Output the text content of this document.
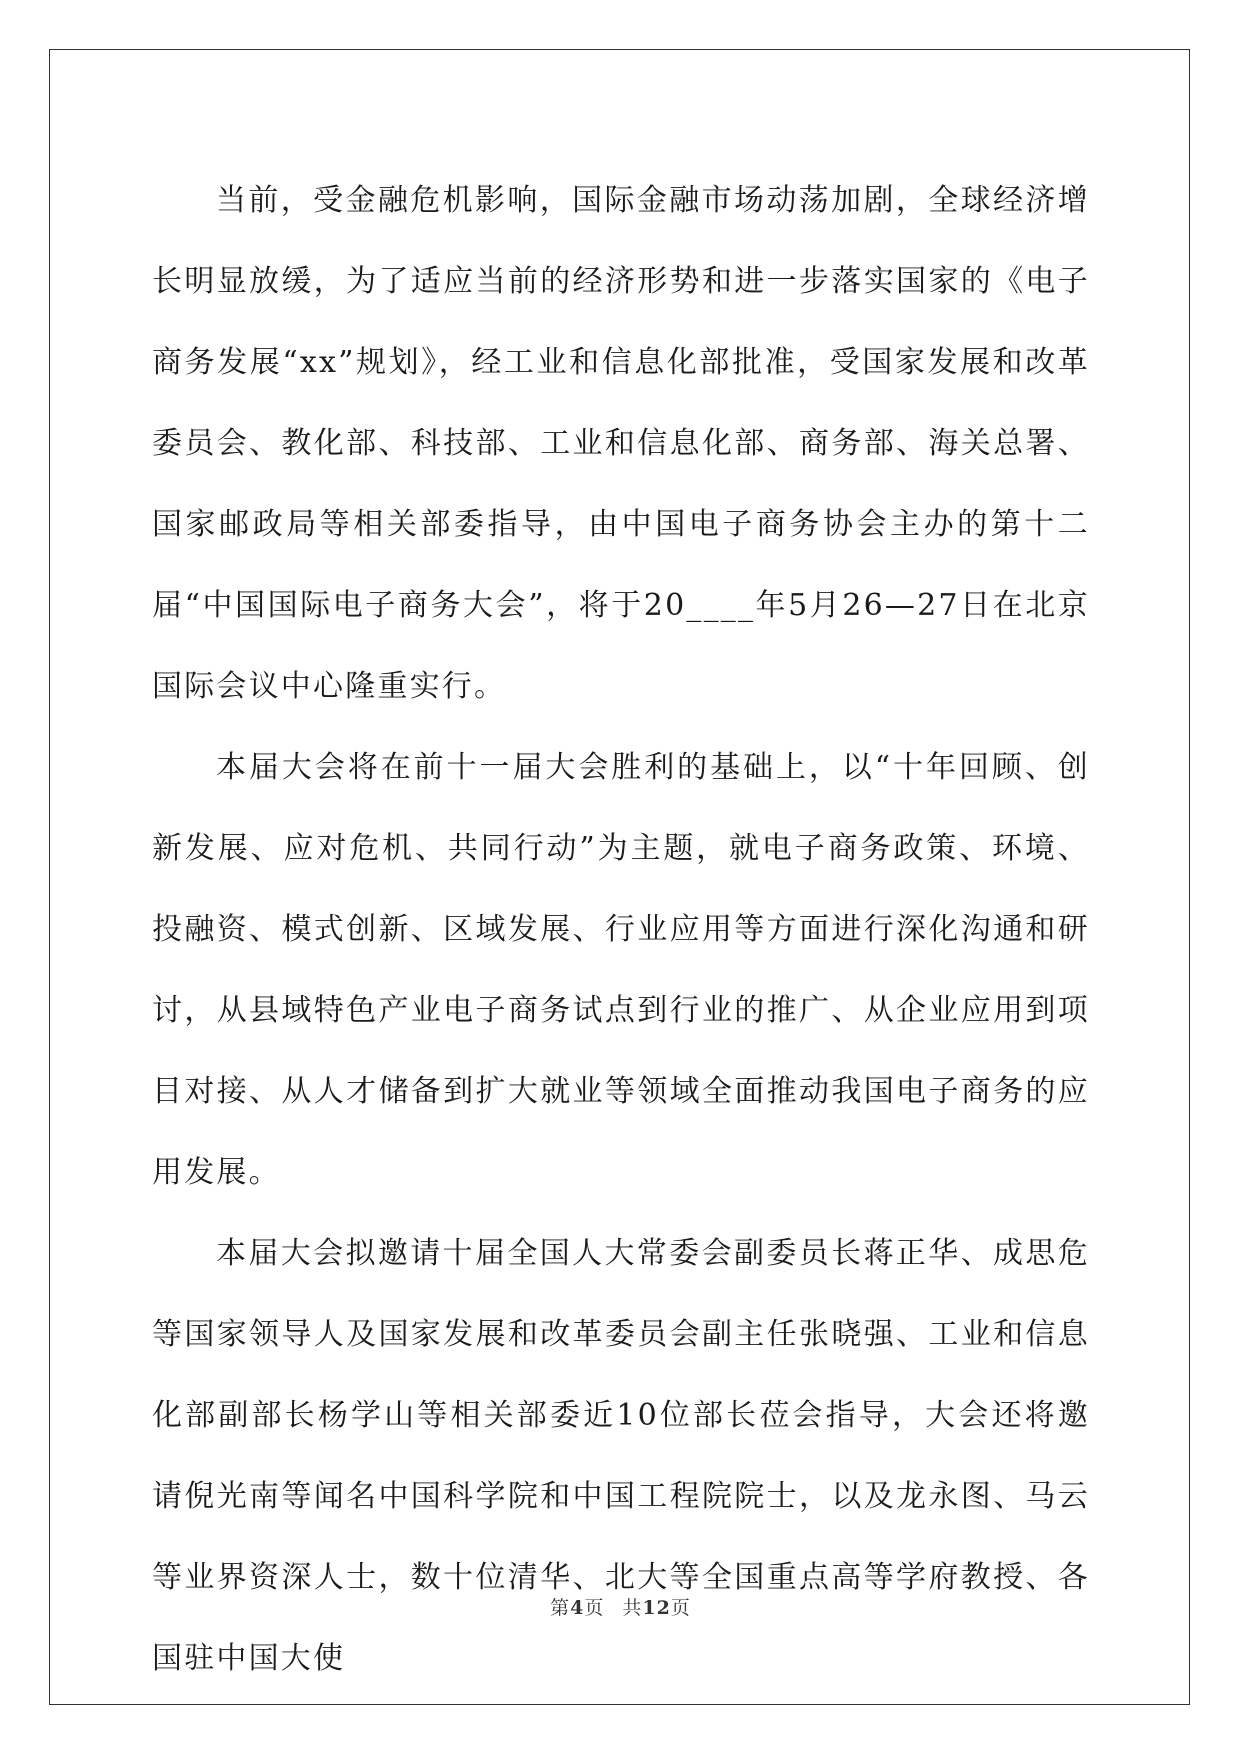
当前，受金融危机影响，国际金融市场动荡加剧，全球经济增长明显放缓，为了适应当前的经济形势和进一步落实国家的《电子商务发展“xx”规划》，经工业和信息化部批准，受国家发展和改革委员会、教化部、科技部、工业和信息化部、商务部、海关总署、国家邮政局等相关部委指导，由中国电子商务协会主办的第十二届“中国国际电子商务大会”，将于20____年5月26—27日在北京国际会议中心隆重实行。

本届大会将在前十一届大会胜利的基础上，以“十年回顾、创新发展、应对危机、共同行动”为主题，就电子商务政策、环境、投融资、模式创新、区域发展、行业应用等方面进行深化沟通和研讨，从县域特色产业电子商务试点到行业的推广、从企业应用到项目对接、从人才储备到扩大就业等领域全面推动我国电子商务的应用发展。

本届大会拟邀请十届全国人大常委会副委员长蒋正华、成思危等国家领导人及国家发展和改革委员会副主任张晓强、工业和信息化部副部长杨学山等相关部委近10位部长莅会指导，大会还将邀请倪光南等闻名中国科学院和中国工程院院士，以及龙永图、马云等业界资深人士，数十位清华、北大等全国重点高等学府教授、各国驻中国大使

第4页 共12页
